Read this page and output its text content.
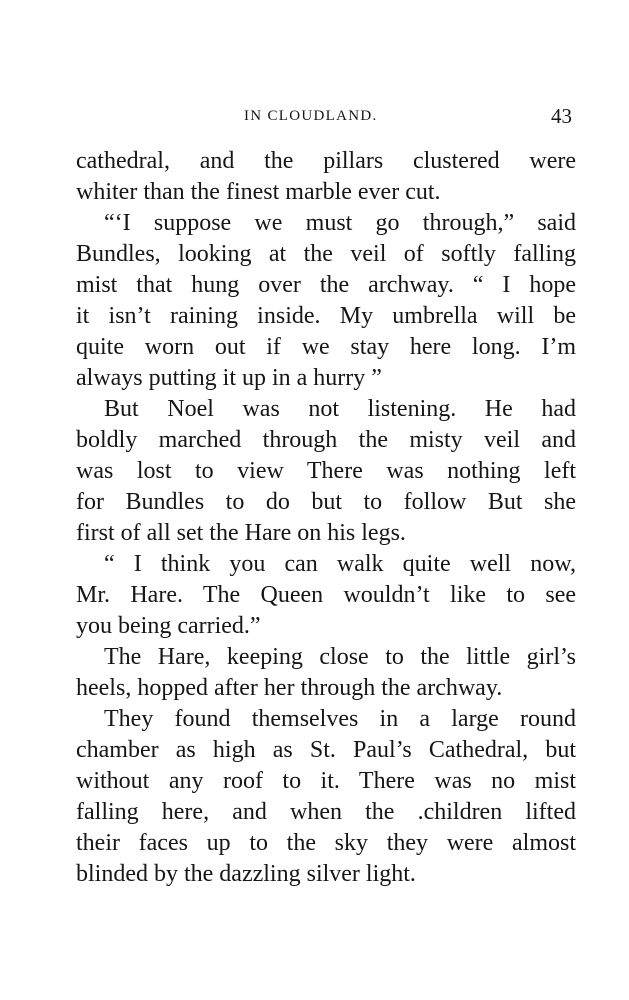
IN CLOUDLAND.	43
cathedral, and the pillars clustered were
whiter than the finest marble ever cut.
“‘I suppose we must go through,” said
Bundles, looking at the veil of softly falling
mist that hung over the archway. “ I hope
it isn’t raining inside. My umbrella will be
quite worn out if we stay here long. I’m
always putting it up in a hurry ”
But Noel was not listening. He had
boldly marched through the misty veil and
was lost to view There was nothing left
for Bundles to do but to follow But she
first of all set the Hare on his legs.
“ I think you can walk quite well now,
Mr. Hare. The Queen wouldn’t like to see
you being carried.”
The Hare, keeping close to the little girl’s
heels, hopped after her through the archway.
They found themselves in a large round
chamber as high as St. Paul’s Cathedral, but
without any roof to it. There was no mist
falling here, and when the .children lifted
their faces up to the sky they were almost
blinded by the dazzling silver light.
